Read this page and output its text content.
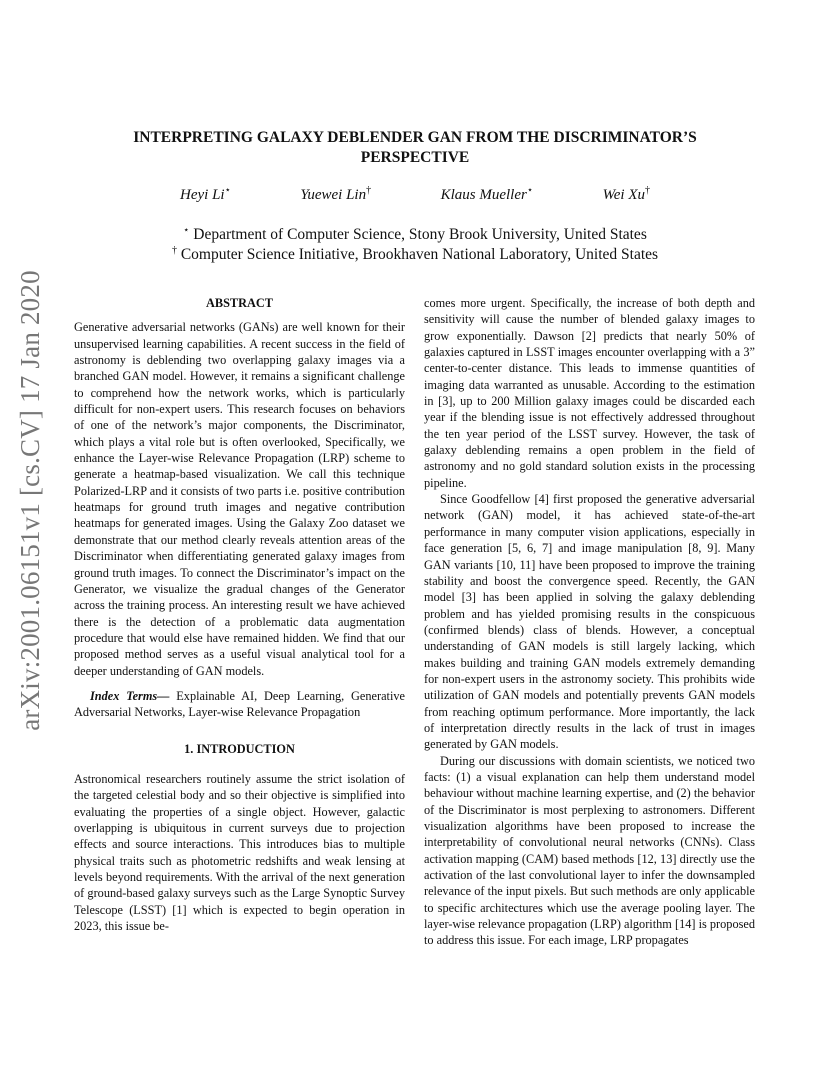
arXiv:2001.06151v1 [cs.CV] 17 Jan 2020
INTERPRETING GALAXY DEBLENDER GAN FROM THE DISCRIMINATOR’S PERSPECTIVE
Heyi Li⋆	Yuewei Lin†	Klaus Mueller⋆	Wei Xu†
⋆ Department of Computer Science, Stony Brook University, United States
† Computer Science Initiative, Brookhaven National Laboratory, United States
ABSTRACT

Generative adversarial networks (GANs) are well known for their unsupervised learning capabilities. A recent success in the field of astronomy is deblending two overlapping galaxy images via a branched GAN model. However, it remains a significant challenge to comprehend how the network works, which is particularly difficult for non-expert users. This research focuses on behaviors of one of the network’s major components, the Discriminator, which plays a vital role but is often overlooked, Specifically, we enhance the Layer-wise Relevance Propagation (LRP) scheme to generate a heatmap-based visualization. We call this technique Polarized-LRP and it consists of two parts i.e. positive contribution heatmaps for ground truth images and negative contribution heatmaps for generated images. Using the Galaxy Zoo dataset we demonstrate that our method clearly reveals attention areas of the Discriminator when differentiating generated galaxy images from ground truth images. To connect the Discriminator’s impact on the Generator, we visualize the gradual changes of the Generator across the training process. An interesting result we have achieved there is the detection of a problematic data augmentation procedure that would else have remained hidden. We find that our proposed method serves as a useful visual analytical tool for a deeper understanding of GAN models.

Index Terms— Explainable AI, Deep Learning, Generative Adversarial Networks, Layer-wise Relevance Propagation

1. INTRODUCTION

Astronomical researchers routinely assume the strict isolation of the targeted celestial body and so their objective is simplified into evaluating the properties of a single object. However, galactic overlapping is ubiquitous in current surveys due to projection effects and source interactions. This introduces bias to multiple physical traits such as photometric redshifts and weak lensing at levels beyond requirements. With the arrival of the next generation of ground-based galaxy surveys such as the Large Synoptic Survey Telescope (LSST) [1] which is expected to begin operation in 2023, this issue be-

comes more urgent. Specifically, the increase of both depth and sensitivity will cause the number of blended galaxy images to grow exponentially. Dawson [2] predicts that nearly 50% of galaxies captured in LSST images encounter overlapping with a 3” center-to-center distance. This leads to immense quantities of imaging data warranted as unusable. According to the estimation in [3], up to 200 Million galaxy images could be discarded each year if the blending issue is not effectively addressed throughout the ten year period of the LSST survey. However, the task of galaxy deblending remains a open problem in the field of astronomy and no gold standard solution exists in the processing pipeline.

Since Goodfellow [4] first proposed the generative adversarial network (GAN) model, it has achieved state-of-the-art performance in many computer vision applications, especially in face generation [5, 6, 7] and image manipulation [8, 9]. Many GAN variants [10, 11] have been proposed to improve the training stability and boost the convergence speed. Recently, the GAN model [3] has been applied in solving the galaxy deblending problem and has yielded promising results in the conspicuous (confirmed blends) class of blends. However, a conceptual understanding of GAN models is still largely lacking, which makes building and training GAN models extremely demanding for non-expert users in the astronomy society. This prohibits wide utilization of GAN models and potentially prevents GAN models from reaching optimum performance. More importantly, the lack of interpretation directly results in the lack of trust in images generated by GAN models.

During our discussions with domain scientists, we noticed two facts: (1) a visual explanation can help them understand model behaviour without machine learning expertise, and (2) the behavior of the Discriminator is most perplexing to astronomers. Different visualization algorithms have been proposed to increase the interpretability of convolutional neural networks (CNNs). Class activation mapping (CAM) based methods [12, 13] directly use the activation of the last convolutional layer to infer the downsampled relevance of the input pixels. But such methods are only applicable to specific architectures which use the average pooling layer. The layer-wise relevance propagation (LRP) algorithm [14] is proposed to address this issue. For each image, LRP propagates
